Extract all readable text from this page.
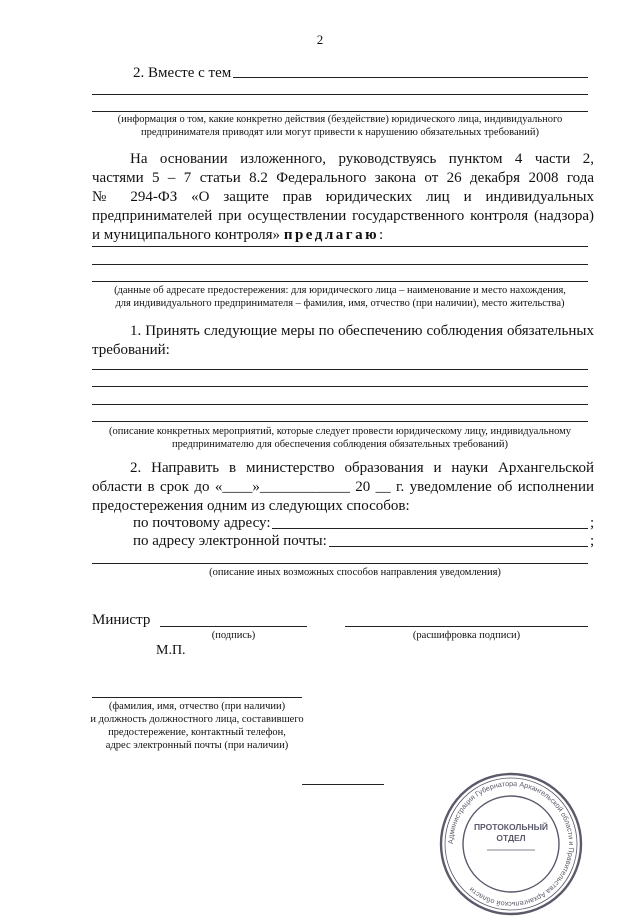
2
2. Вместе с тем
(информация о том, какие конкретно действия (бездействие) юридического лица, индивидуального
предпринимателя приводят или могут привести к нарушению обязательных требований)
На основании изложенного, руководствуясь пунктом 4 части 2,
частями 5 – 7 статьи 8.2 Федерального закона от 26 декабря 2008 года
№ 294-ФЗ «О защите прав юридических лиц и индивидуальных
предпринимателей при осуществлении государственного контроля (надзора)
и муниципального контроля» предлагаю:
(данные об адресате предостережения: для юридического лица – наименование и место нахождения,
для индивидуального предпринимателя – фамилия, имя, отчество (при наличии), место жительства)
1. Принять следующие меры по обеспечению соблюдения обязательных
требований:
(описание конкретных мероприятий, которые следует провести юридическому лицу, индивидуальному
предпринимателю для обеспечения соблюдения обязательных требований)
2. Направить в министерство образования и науки Архангельской
области в срок до «____»____________ 20 __ г. уведомление об исполнении
предостережения одним из следующих способов:
по почтовому адресу:	;
по адресу электронной почты:	;
(описание иных возможных способов направления уведомления)
Министр
(подпись)	(расшифровка подписи)
М.П.
(фамилия, имя, отчество (при наличии)
и должность должностного лица, составившего
предостережение, контактный телефон,
адрес электронный почты (при наличии)
Администрация Губернатора Архангельской области и Правительства Архангельской области
ПРОТОКОЛЬНЫЙ
ОТДЕЛ
